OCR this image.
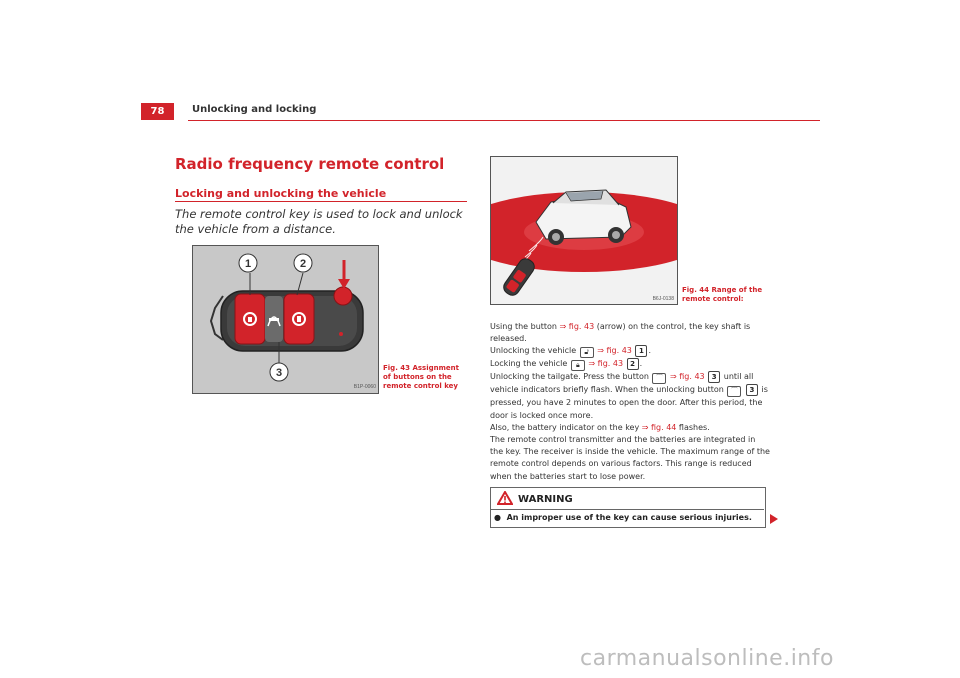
78	Unlocking and locking
Radio frequency remote control
Locking and unlocking the vehicle
The remote control key is used to lock and unlock the vehicle from a distance.
1	2
3
B1P-0060
Fig. 43 Assignment of buttons on the remote control key
B6J-0138
Fig. 44 Range of the remote control:

Using the button ⇒ fig. 43 (arrow) on the control, the key shaft is released.

Unlocking the vehicle 🔓︎ ⇒ fig. 43 1 .

Locking the vehicle 🔒︎ ⇒ fig. 43 2 .

Unlocking the tailgate. Press the button ⌒ ⇒ fig. 43 3 until all vehicle indicators briefly flash. When the unlocking button ⌒ 3 is pressed, you have 2 minutes to open the door. After this period, the door is locked once more.

Also, the battery indicator on the key ⇒ fig. 44 flashes.

The remote control transmitter and the batteries are integrated in the key. The receiver is inside the vehicle. The maximum range of the remote control depends on various factors. This range is reduced when the batteries start to lose power.

WARNING
●  An improper use of the key can cause serious injuries.
carmanualsonline.info
